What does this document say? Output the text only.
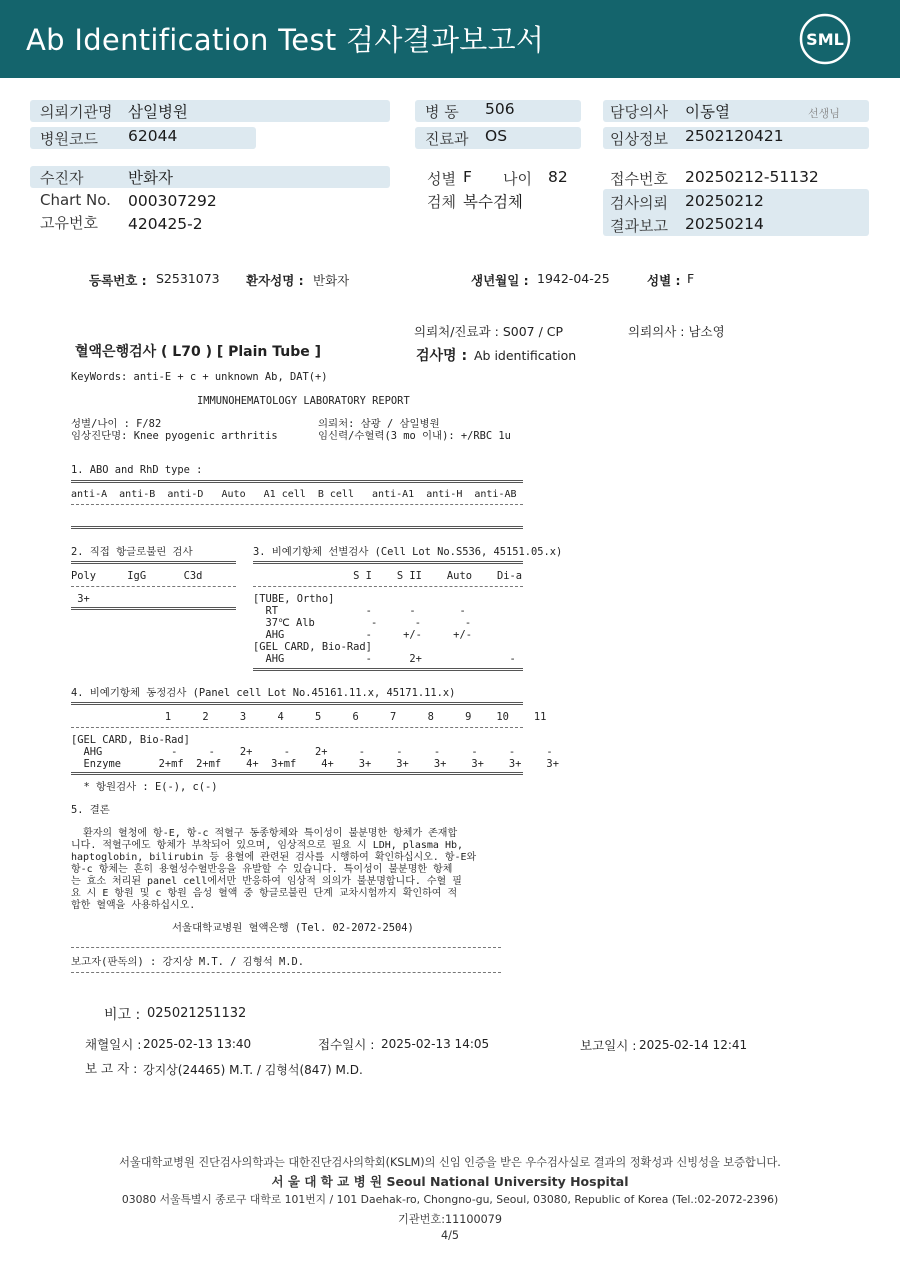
Ab Identification Test 검사결과보고서	SML
의뢰기관명 삼일병원
병원코드 62044
병 동 506
진료과 OS
담당의사 이동열	선생님
임상정보 2502120421
수진자	반화자
Chart No. 000307292
고유번호 420425-2
성별 F 나이 82
검체 복수검체
접수번호 20250212-51132
검사의뢰 20250212
결과보고 20250214
등록번호 : S2531073 환자성명 : 반화자	생년월일 : 1942-04-25	성별 : F
의뢰처/진료과 : S007 / CP	의뢰의사 : 남소영
혈액은행검사 ( L70 ) [ Plain Tube ]	검사명 : Ab identification
KeyWords: anti-E + c + unknown Ab, DAT(+)
IMMUNOHEMATOLOGY LABORATORY REPORT
성별/나이 : F/82
임상진단명: Knee pyogenic arthritis
의뢰처: 삼광 / 삼일병원
임신력/수혈력(3 mo 이내): +/RBC 1u
1. ABO and RhD type :
anti-A  anti-B  anti-D   Auto   A1 cell  B cell   anti-A1  anti-H  anti-AB
2. 직접 항글로불린 검사
Poly     IgG      C3d
3+
3. 비예기항체 선별검사 (Cell Lot No.S536, 45151.05.x)
S I    S II    Auto    Di-a
[TUBE, Ortho]
RT              -      -       -
37℃ Alb         -      -       -
AHG             -     +/-     +/-
[GEL CARD, Bio-Rad]
AHG             -      2+              -
4. 비예기항체 동정검사 (Panel cell Lot No.45161.11.x, 45171.11.x)
1     2     3     4     5     6     7     8     9    10    11
[GEL CARD, Bio-Rad]
AHG           -     -    2+     -    2+     -     -     -     -     -     -
Enzyme      2+mf  2+mf    4+  3+mf    4+    3+    3+    3+    3+    3+    3+
* 항원검사 : E(-), c(-)
5. 결론
환자의 혈청에 항-E, 항-c 적혈구 동종항체와 특이성이 불분명한 항체가 존재합
니다. 적혈구에도 항체가 부착되어 있으며, 임상적으로 필요 시 LDH, plasma Hb,
haptoglobin, bilirubin 등 용혈에 관련된 검사를 시행하여 확인하십시오. 항-E와
항-c 항체는 흔히 용혈성수혈반응을 유발할 수 있습니다. 특이성이 불분명한 항체
는 효소 처리된 panel cell에서만 반응하여 임상적 의의가 불분명합니다. 수혈 필
요 시 E 항원 및 c 항원 음성 혈액 중 항글로불린 단계 교차시험까지 확인하여 적
합한 혈액을 사용하십시오.
서울대학교병원 혈액은행 (Tel. 02-2072-2504)
보고자(판독의) : 강지상 M.T. / 김형석 M.D.
비고 : 025021251132
채혈일시 : 2025-02-13 13:40	접수일시 : 2025-02-13 14:05	보고일시 : 2025-02-14 12:41
보 고 자 : 강지상(24465) M.T. / 김형석(847) M.D.
서울대학교병원 진단검사의학과는 대한진단검사의학회(KSLM)의 신임 인증을 받은 우수검사실로 결과의 정확성과 신빙성을 보증합니다.
서 울 대 학 교 병 원 Seoul National University Hospital
03080 서울특별시 종로구 대학로 101번지 / 101 Daehak-ro, Chongno-gu, Seoul, 03080, Republic of Korea (Tel.:02-2072-2396)
기관번호:11100079
4/5
